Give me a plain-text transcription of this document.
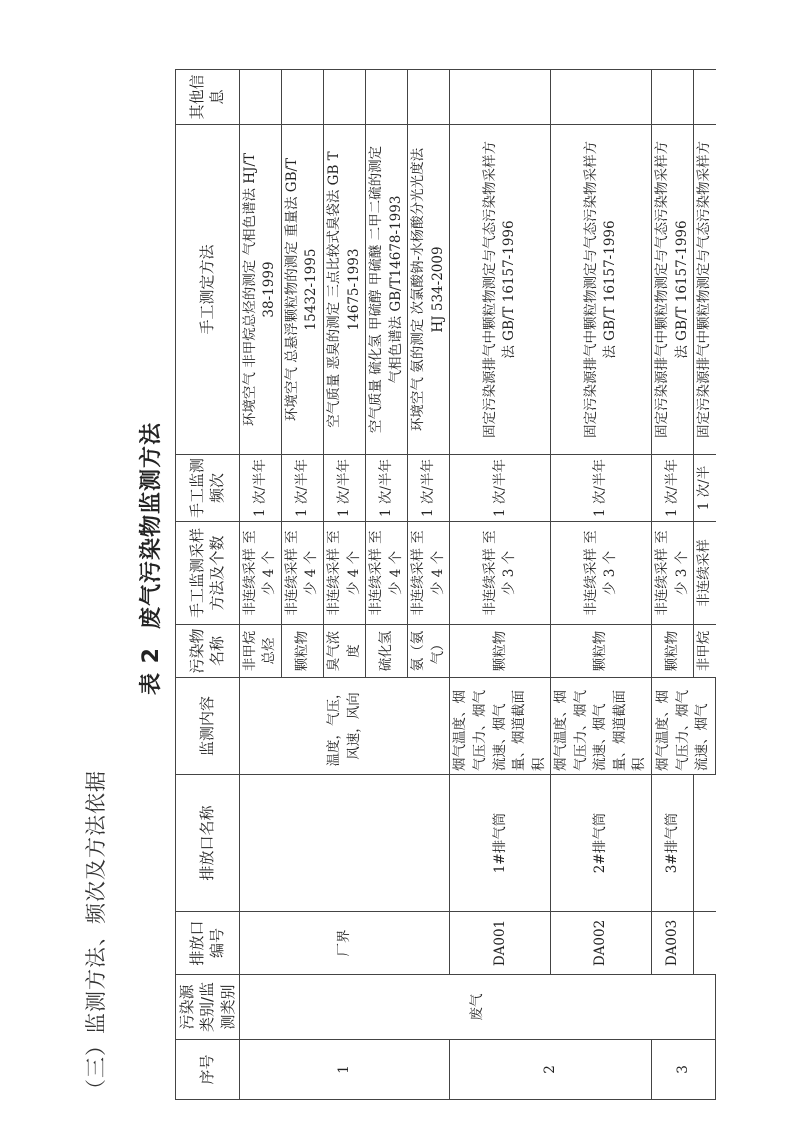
（三）监测方法、频次及方法依据
表 2废气污染物监测方法
序号	污染源类别/监测类别	排放口编号	排放口名称	监测内容	污染物名称	手工监测采样方法及个数	手工监测频次	手工测定方法	其他信息
1	废气	厂界		温度，气压，风速，风向	非甲烷总烃	非连续采样 至少 4 个	1 次/半年	环境空气 非甲烷总烃的测定 气相色谱法 HJ/T 38-1999	

					颗粒物	非连续采样 至少 4 个	1 次/半年	环境空气 总悬浮颗粒物的测定 重量法 GB/T 15432-1995	

					臭气浓度	非连续采样 至少 4 个	1 次/半年	空气质量 恶臭的测定 三点比较式臭袋法 GB T 14675-1993	

					硫化氢	非连续采样 至少 4 个	1 次/半年	空气质量 硫化氢 甲硫醇 甲硫醚 二甲二硫的测定 气相色谱法 GB/T14678-1993	

					氨（氨气）	非连续采样 至少 4 个	1 次/半年	环境空气 氨的测定 次氯酸钠-水杨酸分光光度法 HJ 534-2009	

2		DA001	1#排气筒	烟气温度、烟气压力、烟气流速、烟气量、烟道截面积	颗粒物	非连续采样 至少 3 个	1 次/半年	固定污染源排气中颗粒物测定与气态污染物采样方 法 GB/T 16157-1996	

		DA002	2#排气筒	烟气温度、烟气压力、烟气流速、烟气量、烟道截面积	颗粒物	非连续采样 至少 3 个	1 次/半年	固定污染源排气中颗粒物测定与气态污染物采样方 法 GB/T 16157-1996	

3		DA003	3#排气筒	烟气温度、烟气压力、烟气流速、烟气	颗粒物	非连续采样 至少 3 个	1 次/半年	固定污染源排气中颗粒物测定与气态污染物采样方 法 GB/T 16157-1996	

					非甲烷	非连续采样	1 次/半	固定污染源排气中颗粒物测定与气态污染物采样方	
